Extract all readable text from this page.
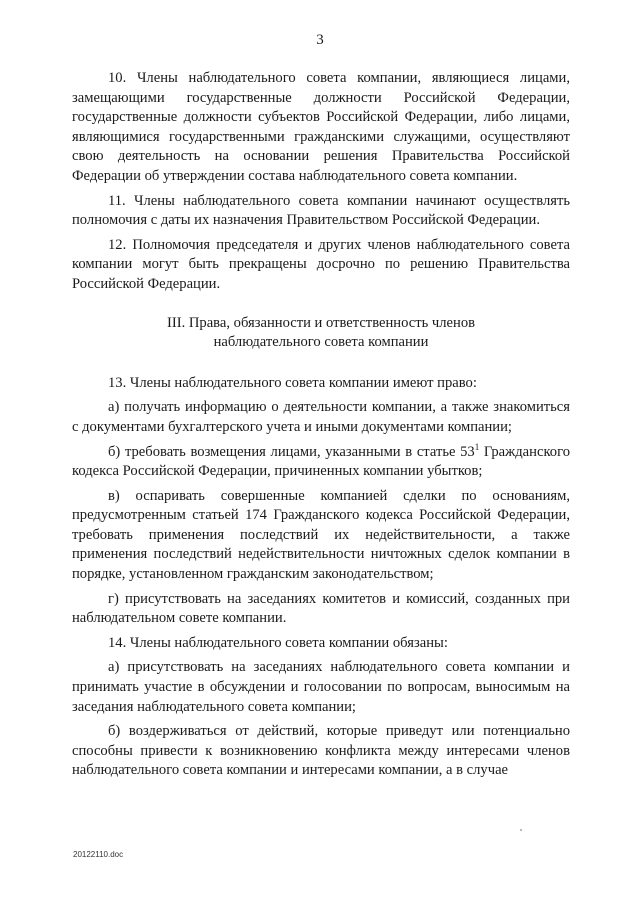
3

10. Члены наблюдательного совета компании, являющиеся лицами, замещающими государственные должности Российской Федерации, государственные должности субъектов Российской Федерации, либо лицами, являющимися государственными гражданскими служащими, осуществляют свою деятельность на основании решения Правительства Российской Федерации об утверждении состава наблюдательного совета компании.

11. Члены наблюдательного совета компании начинают осуществлять полномочия с даты их назначения Правительством Российской Федерации.

12. Полномочия председателя и других членов наблюдательного совета компании могут быть прекращены досрочно по решению Правительства Российской Федерации.

III. Права, обязанности и ответственность членов
наблюдательного совета компании

13. Члены наблюдательного совета компании имеют право:

а) получать информацию о деятельности компании, а также знакомиться с документами бухгалтерского учета и иными документами компании;

б) требовать возмещения лицами, указанными в статье $53^1$ Гражданского кодекса Российской Федерации, причиненных компании убытков;

в) оспаривать совершенные компанией сделки по основаниям, предусмотренным статьей 174 Гражданского кодекса Российской Федерации, требовать применения последствий их недействительности, а также применения последствий недействительности ничтожных сделок компании в порядке, установленном гражданским законодательством;

г) присутствовать на заседаниях комитетов и комиссий, созданных при наблюдательном совете компании.

14. Члены наблюдательного совета компании обязаны:

а) присутствовать на заседаниях наблюдательного совета компании и принимать участие в обсуждении и голосовании по вопросам, выносимым на заседания наблюдательного совета компании;

б) воздерживаться от действий, которые приведут или потенциально способны привести к возникновению конфликта между интересами членов наблюдательного совета компании и интересами компании, а в случае

20122110.doc
